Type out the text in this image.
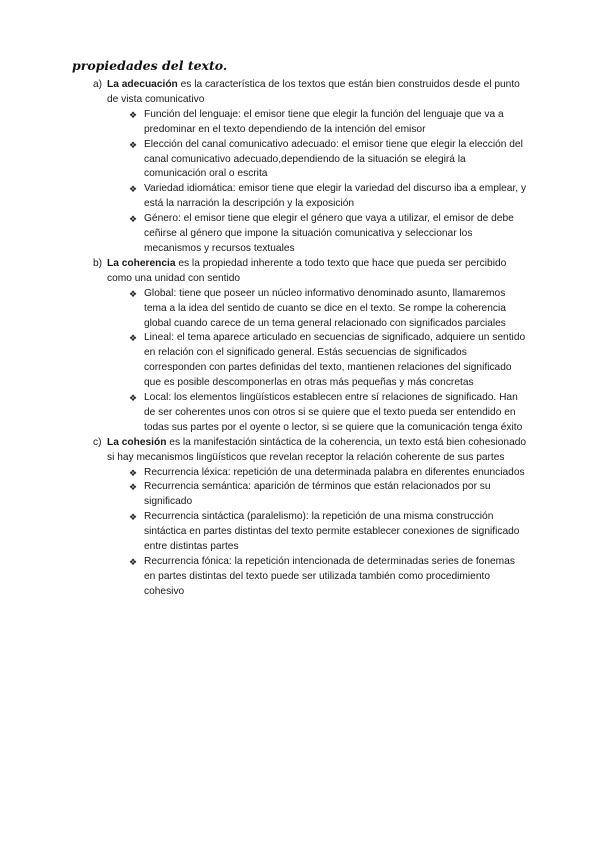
propiedades del texto.
a) La adecuación es la característica de los textos que están bien construidos desde el punto de vista comunicativo
❖ Función del lenguaje: el emisor tiene que elegir la función del lenguaje que va a predominar en el texto dependiendo de la intención del emisor
❖ Elección del canal comunicativo adecuado: el emisor tiene que elegir la elección del canal comunicativo adecuado,dependiendo de la situación se elegirá la comunicación oral o escrita
❖ Variedad idiomática: emisor tiene que elegir la variedad del discurso iba a emplear, y está la narración la descripción y la exposición
❖ Género: el emisor tiene que elegir el género que vaya a utilizar, el emisor de debe ceñirse al género que impone la situación comunicativa y seleccionar los mecanismos y recursos textuales
b) La coherencia es la propiedad inherente a todo texto que hace que pueda ser percibido como una unidad con sentido
❖ Global: tiene que poseer un núcleo informativo denominado asunto, llamaremos tema a la idea del sentido de cuanto se dice en el texto. Se rompe la coherencia global cuando carece de un tema general relacionado con significados parciales
❖ Lineal: el tema aparece articulado en secuencias de significado, adquiere un sentido en relación con el significado general. Estás secuencias de significados corresponden con partes definidas del texto, mantienen relaciones del significado que es posible descomponerlas en otras más pequeñas y más concretas
❖ Local: los elementos lingüísticos establecen entre sí relaciones de significado. Han de ser coherentes unos con otros si se quiere que el texto pueda ser entendido en todas sus partes por el oyente o lector, si se quiere que la comunicación tenga éxito
c) La cohesión es la manifestación sintáctica de la coherencia, un texto está bien cohesionado si hay mecanismos lingüísticos que revelan receptor la relación coherente de sus partes
❖ Recurrencia léxica: repetición de una determinada palabra en diferentes enunciados
❖ Recurrencia semántica: aparición de términos que están relacionados por su significado
❖ Recurrencia sintáctica (paralelismo): la repetición de una misma construcción sintáctica en partes distintas del texto permite establecer conexiones de significado entre distintas partes
❖ Recurrencia fónica: la repetición intencionada de determinadas series de fonemas en partes distintas del texto puede ser utilizada también como procedimiento cohesivo
